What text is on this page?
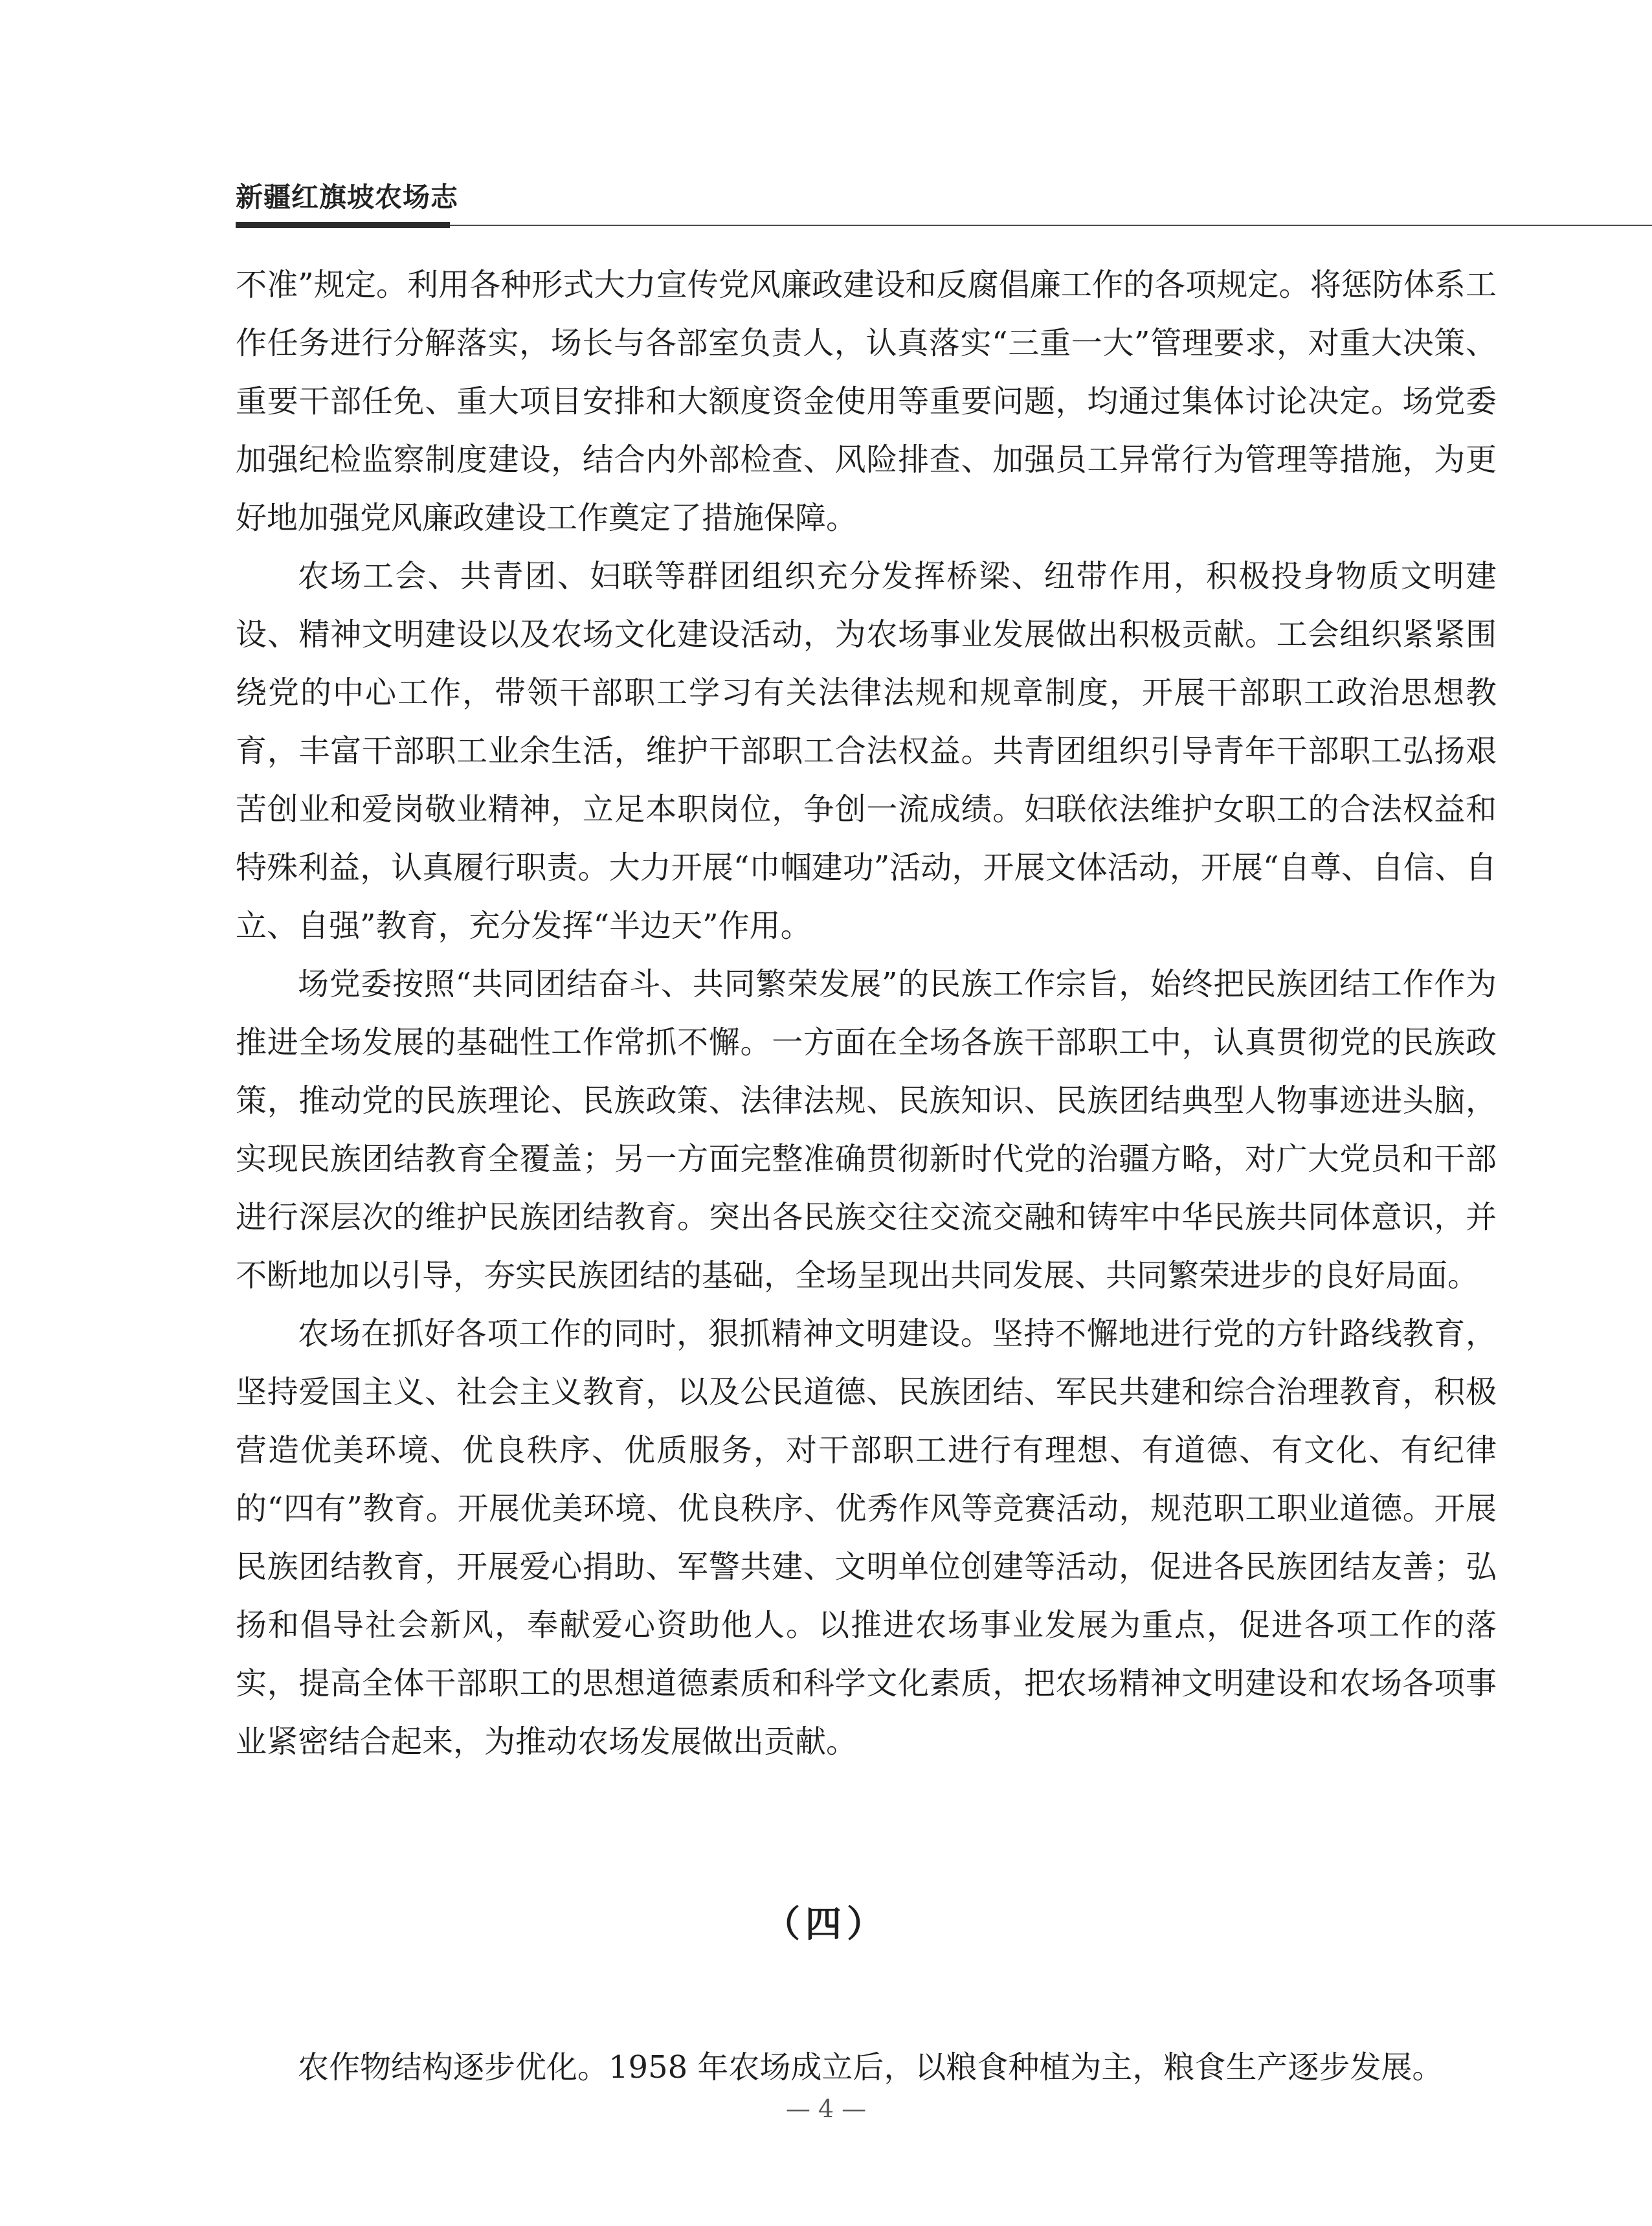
新疆红旗坡农场志

不准”规定。利用各种形式大力宣传党风廉政建设和反腐倡廉工作的各项规定。将惩防体系工作任务进行分解落实，场长与各部室负责人，认真落实“三重一大”管理要求，对重大决策、重要干部任免、重大项目安排和大额度资金使用等重要问题，均通过集体讨论决定。场党委加强纪检监察制度建设，结合内外部检查、风险排查、加强员工异常行为管理等措施，为更好地加强党风廉政建设工作奠定了措施保障。

农场工会、共青团、妇联等群团组织充分发挥桥梁、纽带作用，积极投身物质文明建设、精神文明建设以及农场文化建设活动，为农场事业发展做出积极贡献。工会组织紧紧围绕党的中心工作，带领干部职工学习有关法律法规和规章制度，开展干部职工政治思想教育，丰富干部职工业余生活，维护干部职工合法权益。共青团组织引导青年干部职工弘扬艰苦创业和爱岗敬业精神，立足本职岗位，争创一流成绩。妇联依法维护女职工的合法权益和特殊利益，认真履行职责。大力开展“巾帼建功”活动，开展文体活动，开展“自尊、自信、自立、自强”教育，充分发挥“半边天”作用。

场党委按照“共同团结奋斗、共同繁荣发展”的民族工作宗旨，始终把民族团结工作作为推进全场发展的基础性工作常抓不懈。一方面在全场各族干部职工中，认真贯彻党的民族政策，推动党的民族理论、民族政策、法律法规、民族知识、民族团结典型人物事迹进头脑，实现民族团结教育全覆盖；另一方面完整准确贯彻新时代党的治疆方略，对广大党员和干部进行深层次的维护民族团结教育。突出各民族交往交流交融和铸牢中华民族共同体意识，并不断地加以引导，夯实民族团结的基础，全场呈现出共同发展、共同繁荣进步的良好局面。

农场在抓好各项工作的同时，狠抓精神文明建设。坚持不懈地进行党的方针路线教育，坚持爱国主义、社会主义教育，以及公民道德、民族团结、军民共建和综合治理教育，积极营造优美环境、优良秩序、优质服务，对干部职工进行有理想、有道德、有文化、有纪律的“四有”教育。开展优美环境、优良秩序、优秀作风等竞赛活动，规范职工职业道德。开展民族团结教育，开展爱心捐助、军警共建、文明单位创建等活动，促进各民族团结友善；弘扬和倡导社会新风，奉献爱心资助他人。以推进农场事业发展为重点，促进各项工作的落实，提高全体干部职工的思想道德素质和科学文化素质，把农场精神文明建设和农场各项事业紧密结合起来，为推动农场发展做出贡献。

（四）

农作物结构逐步优化。1958 年农场成立后，以粮食种植为主，粮食生产逐步发展。

— 4 —
